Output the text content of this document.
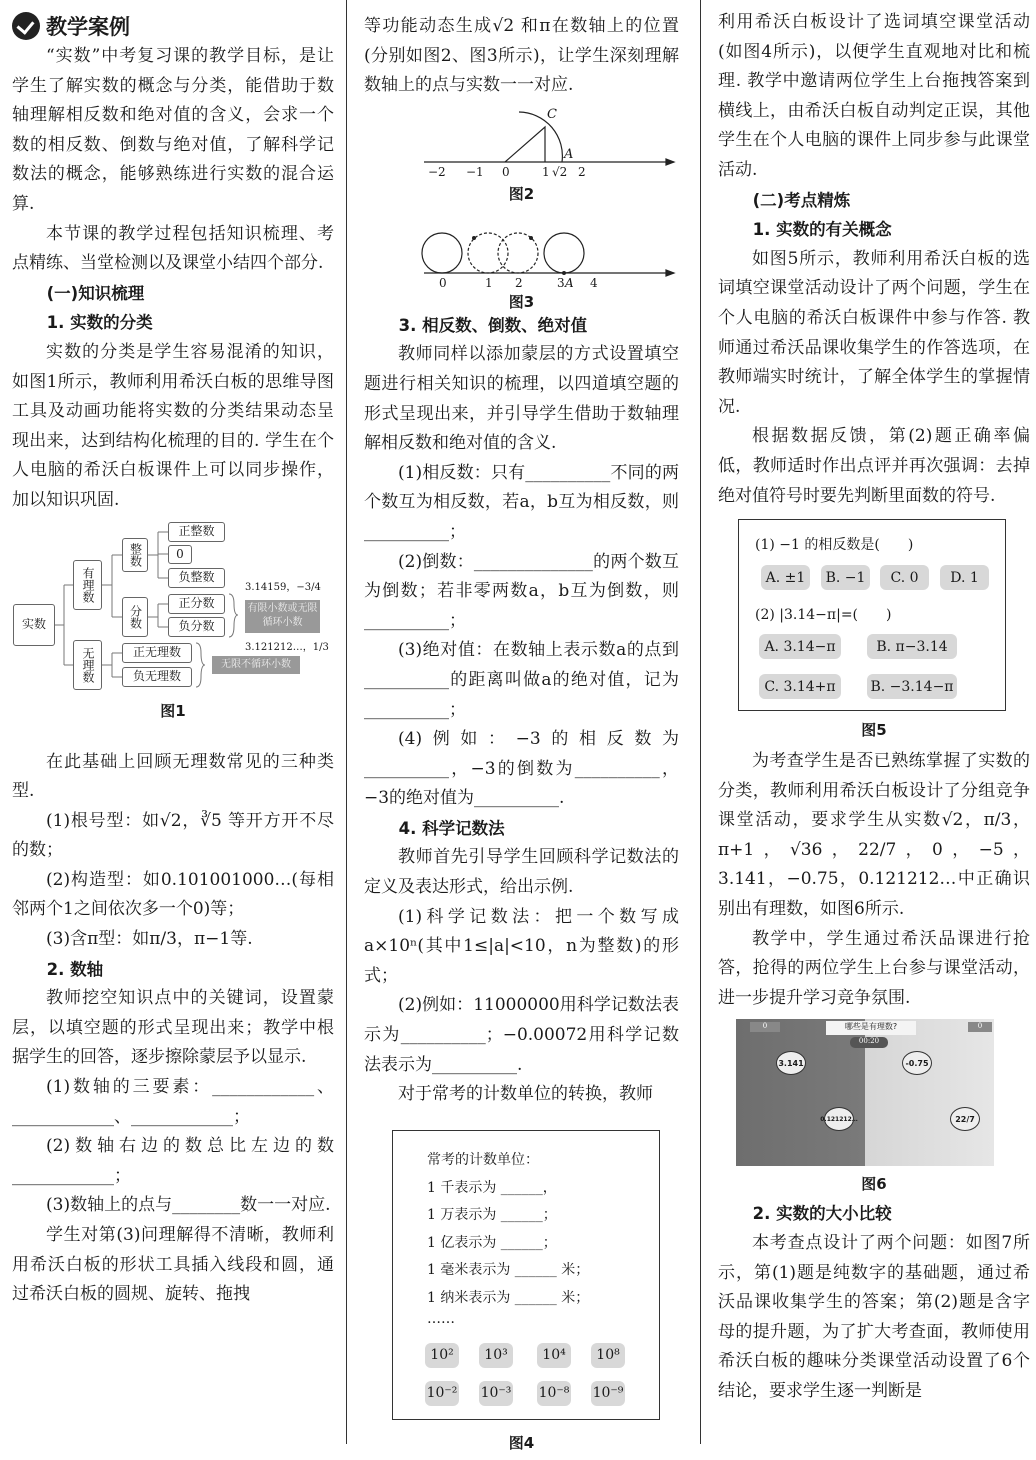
教学案例

“实数”中考复习课的教学目标，是让学生了解实数的概念与分类，能借助于数轴理解相反数和绝对值的含义，会求一个数的相反数、倒数与绝对值，了解科学记数法的概念，能够熟练进行实数的混合运算.

本节课的教学过程包括知识梳理、考点精练、当堂检测以及课堂小结四个部分.

(一)知识梳理
1. 实数的分类

实数的分类是学生容易混淆的知识，如图1所示，教师利用希沃白板的思维导图工具及动画功能将实数的分类结果动态呈现出来，达到结构化梳理的目的. 学生在个人电脑的希沃白板课件上可以同步操作，加以知识巩固.

实数
有理数
无理数
整数
分数
正整数
0
负整数
正分数
负分数
正无理数
负无理数
3.14159，−3/4
有限小数或无限循环小数
3.121212…，1/3
无限不循环小数
图1

在此基础上回顾无理数常见的三种类型.

(1)根号型：如√2，∛5 等开方开不尽的数；

(2)构造型：如0.101001000…(每相邻两个1之间依次多一个0)等；

(3)含π型：如π/3，π−1等.

2. 数轴

教师挖空知识点中的关键词，设置蒙层，以填空题的形式呈现出来；教学中根据学生的回答，逐步擦除蒙层予以显示.

(1)数轴的三要素：____________、____________、____________；

(2)数轴右边的数总比左边的数____________；

(3)数轴上的点与________数一一对应.

学生对第(3)问理解得不清晰，教师利用希沃白板的形状工具插入线段和圆，通过希沃白板的圆规、旋转、拖拽

等功能动态生成√2 和π在数轴上的位置(分别如图2、图3所示)，让学生深刻理解数轴上的点与实数一一对应.

−2 −1 0	1 √2 2
C
A
图2
0	1 2	3 A 4
图3
3. 相反数、倒数、绝对值

教师同样以添加蒙层的方式设置填空题进行相关知识的梳理，以四道填空题的形式呈现出来，并引导学生借助于数轴理解相反数和绝对值的含义.

(1)相反数：只有__________不同的两个数互为相反数，若a，b互为相反数，则__________；

(2)倒数：______________的两个数互为倒数；若非零两数a，b互为倒数，则__________；

(3)绝对值：在数轴上表示数a的点到__________的距离叫做a的绝对值，记为__________；

(4)例如：−3的相反数为__________，−3的倒数为__________，−3的绝对值为__________.

4. 科学记数法

教师首先引导学生回顾科学记数法的定义及表达形式，给出示例.

(1)科学记数法：把一个数写成a×10ⁿ(其中1≤|a|<10，n为整数)的形式；

(2)例如：11000000用科学记数法表示为__________；−0.00072用科学记数法表示为__________.

对于常考的计数单位的转换，教师

常考的计数单位：
1 千表示为 ______，
1 万表示为 ______；
1 亿表示为 ______；
1 毫米表示为 ______ 米；
1 纳米表示为 ______ 米；
……
10²	10³	10⁴	10⁸
10⁻² 10⁻³ 10⁻⁸ 10⁻⁹
图4

利用希沃白板设计了选词填空课堂活动(如图4所示)，以便学生直观地对比和梳理. 教学中邀请两位学生上台拖拽答案到横线上，由希沃白板自动判定正误，其他学生在个人电脑的课件上同步参与此课堂活动.

(二)考点精炼
1. 实数的有关概念

如图5所示，教师利用希沃白板的选词填空课堂活动设计了两个问题，学生在个人电脑的希沃白板课件中参与作答. 教师通过希沃品课收集学生的作答选项，在教师端实时统计，了解全体学生的掌握情况.

根据数据反馈，第(2)题正确率偏低，教师适时作出点评并再次强调：去掉绝对值符号时要先判断里面数的符号.

(1) −1 的相反数是(　　)
A. ±1	B. −1	C. 0	D. 1
(2) |3.14−π|=(　　)
A. 3.14−π	B. π−3.14
C. 3.14+π	B. −3.14−π
图5

为考查学生是否已熟练掌握了实数的分类，教师利用希沃白板设计了分组竞争课堂活动，要求学生从实数√2，π/3，π+1，√36，22/7，0，−5，3.141，−0.75，0.121212…中正确识别出有理数，如图6所示.

教学中，学生通过希沃品课进行抢答，抢得的两位学生上台参与课堂活动，进一步提升学习竞争氛围.

哪些是有理数?
00:20
0	0
3.141
0.121212…
-0.75
22/7
图6
2. 实数的大小比较

本考查点设计了两个问题：如图7所示，第(1)题是纯数字的基础题，通过希沃品课收集学生的答案；第(2)题是含字母的提升题，为了扩大考查面，教师使用希沃白板的趣味分类课堂活动设置了6个结论，要求学生逐一判断是
